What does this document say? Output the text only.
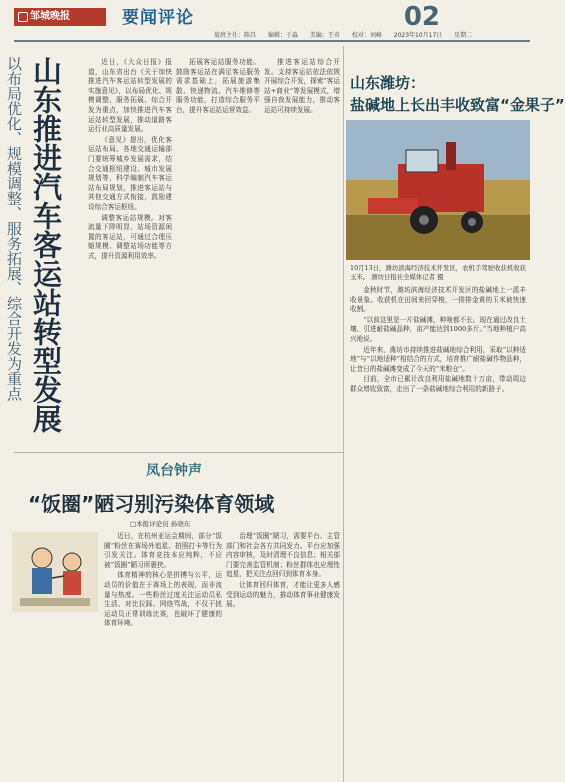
邹城晚报	要闻评论	02
值班主任：陈昌 编辑：于淼 美编：王奇 校对：刘峰 2023年10月17日 星期二
以布局优化、规模调整、服务拓展、综合开发为重点 山东推进汽车客运站转型发展	近日，《大众日报》报道，山东省出台《关于加快推进汽车客运站转型发展的实施意见》，以布局优化、规模调整、服务拓展、综合开发为重点，加快推进汽车客运站转型发展，推动道路客运行业高质量发展。

《意见》提出，优化客运站布局。各地交通运输部门要统筹城乡发展需求，结合交通枢纽建设、城市发展规划等，科学编制汽车客运站布局规划，推进客运站与其他交通方式衔接，鼓励建设综合客运枢纽。

调整客运站规模。对客流量下降明显、站场资源闲置的客运站，可通过合理压缩规模、调整站场功能等方式，提升资源利用效率。

拓展客运站服务功能。鼓励客运站在满足客运服务需求基础上，拓展旅游集散、快递物流、汽车维修等服务功能，打造综合服务平台，提升客运站运营效益。

推进客运站综合开发。支持客运站依法依规开展综合开发，探索“客运站+商业”等发展模式，增强自我发展能力，推动客运站可持续发展。

山东潍坊：
盐碱地上长出丰收致富“金果子”
10月13日，潍坊滨海经济技术开发区，农机手驾驶收获机收获玉米。 潍坊日报社全媒体记者 摄

金秋时节，潍坊滨海经济技术开发区的盐碱地上一派丰收景象。收获机在田间来回穿梭，一排排金黄的玉米被快速收割。

“以前这里是一片盐碱滩，种啥都不长。现在通过改良土壤、引进耐盐碱品种，亩产能达到1000多斤。”当地种植户高兴地说。

近年来，潍坊市持续推进盐碱地综合利用，采取“以种适地”与“以地适种”相结合的方式，培育推广耐盐碱作物品种，让昔日的盐碱滩变成了今天的“米粮仓”。

目前，全市已累计改良利用盐碱地数十万亩，带动周边群众增收致富，走出了一条盐碱地综合利用的新路子。

凤台钟声
“饭圈”陋习别污染体育领域
□本报评论员 孙晓东

近日，在杭州亚运会期间，部分“饭圈”粉丝在赛场外追星、拍照打卡等行为引发关注。体育竞技本应纯粹，不应被“饭圈”陋习所裹挟。

体育精神的核心是拼搏与公平，运动员的价值在于赛场上的表现，而非流量与热度。一些粉丝过度关注运动员私生活、对比拉踩、网络骂战，不仅干扰运动员正常训练比赛，也破坏了健康的体育环境。

治理“饭圈”陋习，需要平台、主管部门和社会各方共同发力。平台应加强内容审核，及时清理不良信息；相关部门要完善监管机制；粉丝群体也应理性追星，把关注点回归到体育本身。

让体育回归体育，才能让更多人感受到运动的魅力，推动体育事业健康发展。
